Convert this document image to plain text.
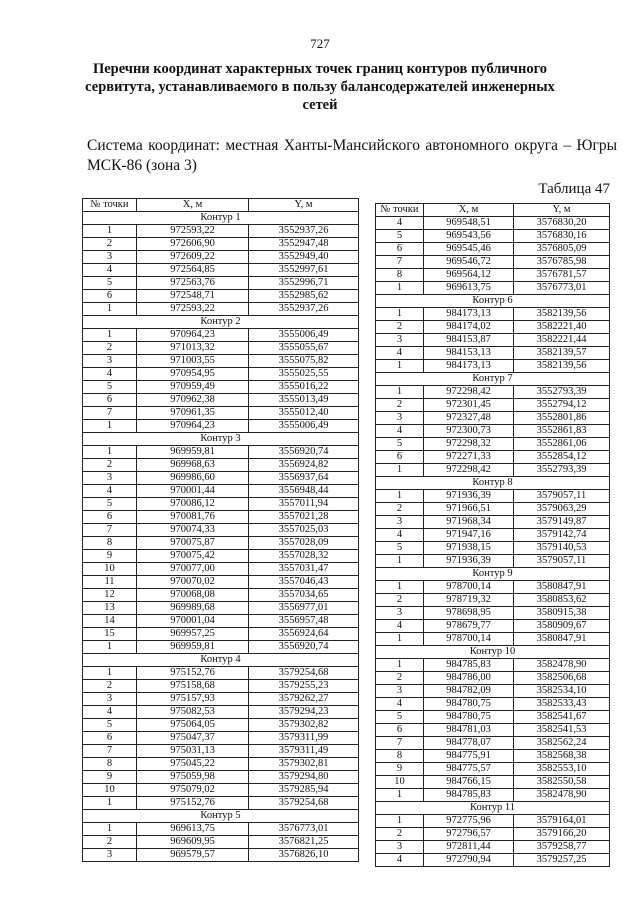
727
Перечни координат характерных точек границ контуров публичного сервитута, устанавливаемого в пользу балансодержателей инженерных сетей
Система координат: местная Ханты-Мансийского автономного округа – Югры МСК-86 (зона 3)
Таблица 47
№ точки	X, м	Y, м
Контур 1		
1	972593,22	3552937,26
2	972606,90	3552947,48
3	972609,22	3552949,40
4	972564,85	3552997,61
5	972563,76	3552996,71
6	972548,71	3552985,62
1	972593,22	3552937,26
Контур 2		
1	970964,23	3555006,49
2	971013,32	3555055,67
3	971003,55	3555075,82
4	970954,95	3555025,55
5	970959,49	3555016,22
6	970962,38	3555013,49
7	970961,35	3555012,40
1	970964,23	3555006,49
Контур 3		
1	969959,81	3556920,74
2	969968,63	3556924,82
3	969986,60	3556937,64
4	970001,44	3556948,44
5	970086,12	3557011,94
6	970081,76	3557021,28
7	970074,33	3557025,03
8	970075,87	3557028,09
9	970075,42	3557028,32
10	970077,00	3557031,47
11	970070,02	3557046,43
12	970068,08	3557034,65
13	969989,68	3556977,01
14	970001,04	3556957,48
15	969957,25	3556924,64
1	969959,81	3556920,74
Контур 4		
1	975152,76	3579254,68
2	975158,68	3579255,23
3	975157,93	3579262,27
4	975082,53	3579294,23
5	975064,05	3579302,82
6	975047,37	3579311,99
7	975031,13	3579311,49
8	975045,22	3579302,81
9	975059,98	3579294,80
10	975079,02	3579285,94
1	975152,76	3579254,68
Контур 5		
1	969613,75	3576773,01
2	969609,95	3576821,25
3	969579,57	3576826,10
№ точки	X, м	Y, м
4	969548,51	3576830,20
5	969543,56	3576830,16
6	969545,46	3576805,09
7	969546,72	3576785,98
8	969564,12	3576781,57
1	969613,75	3576773,01
Контур 6		
1	984173,13	3582139,56
2	984174,02	3582221,40
3	984153,87	3582221,44
4	984153,13	3582139,57
1	984173,13	3582139,56
Контур 7		
1	972298,42	3552793,39
2	972301,45	3552794,12
3	972327,48	3552801,86
4	972300,73	3552861,83
5	972298,32	3552861,06
6	972271,33	3552854,12
1	972298,42	3552793,39
Контур 8		
1	971936,39	3579057,11
2	971966,51	3579063,29
3	971968,34	3579149,87
4	971947,16	3579142,74
5	971938,15	3579140,53
1	971936,39	3579057,11
Контур 9		
1	978700,14	3580847,91
2	978719,32	3580853,62
3	978698,95	3580915,38
4	978679,77	3580909,67
1	978700,14	3580847,91
Контур 10		
1	984785,83	3582478,90
2	984786,00	3582506,68
3	984782,09	3582534,10
4	984780,75	3582533,43
5	984780,75	3582541,67
6	984781,03	3582541,53
7	984778,07	3582562,24
8	984775,91	3582568,38
9	984775,57	3582553,10
10	984766,15	3582550,58
1	984785,83	3582478,90
Контур 11		
1	972775,96	3579164,01
2	972796,57	3579166,20
3	972811,44	3579258,77
4	972790,94	3579257,25
